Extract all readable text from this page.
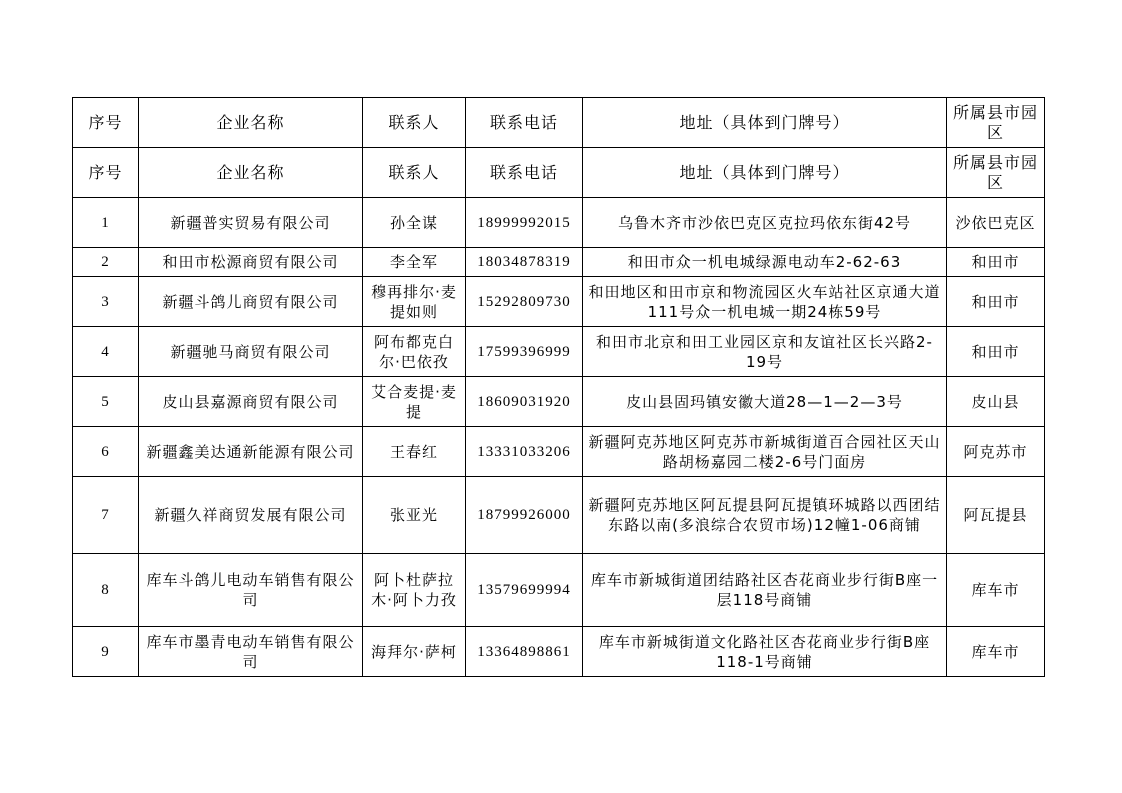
序号	企业名称	联系人	联系电话	地址（具体到门牌号）	所属县市园区
序号	企业名称	联系人	联系电话	地址（具体到门牌号）	所属县市园区
1	新疆普实贸易有限公司	孙全谋	18999992015	乌鲁木齐市沙依巴克区克拉玛依东街42号	沙依巴克区
2	和田市松源商贸有限公司	李全军	18034878319	和田市众一机电城绿源电动车2-62-63	和田市
3	新疆斗鸽儿商贸有限公司	穆再排尔·麦提如则	15292809730	和田地区和田市京和物流园区火车站社区京通大道111号众一机电城一期24栋59号	和田市
4	新疆驰马商贸有限公司	阿布都克白尔·巴依孜	17599396999	和田市北京和田工业园区京和友谊社区长兴路2-19号	和田市
5	皮山县嘉源商贸有限公司	艾合麦提·麦提	18609031920	皮山县固玛镇安徽大道28—1—2—3号	皮山县
6	新疆鑫美达通新能源有限公司	王春红	13331033206	新疆阿克苏地区阿克苏市新城街道百合园社区天山路胡杨嘉园二楼2-6号门面房	阿克苏市
7	新疆久祥商贸发展有限公司	张亚光	18799926000	新疆阿克苏地区阿瓦提县阿瓦提镇环城路以西团结东路以南(多浪综合农贸市场)12幢1-06商铺	阿瓦提县
8	库车斗鸽儿电动车销售有限公司	阿卜杜萨拉木·阿卜力孜	13579699994	库车市新城街道团结路社区杏花商业步行街B座一层118号商铺	库车市
9	库车市墨青电动车销售有限公司	海拜尔·萨柯	13364898861	库车市新城街道文化路社区杏花商业步行街B座118-1号商铺	库车市
